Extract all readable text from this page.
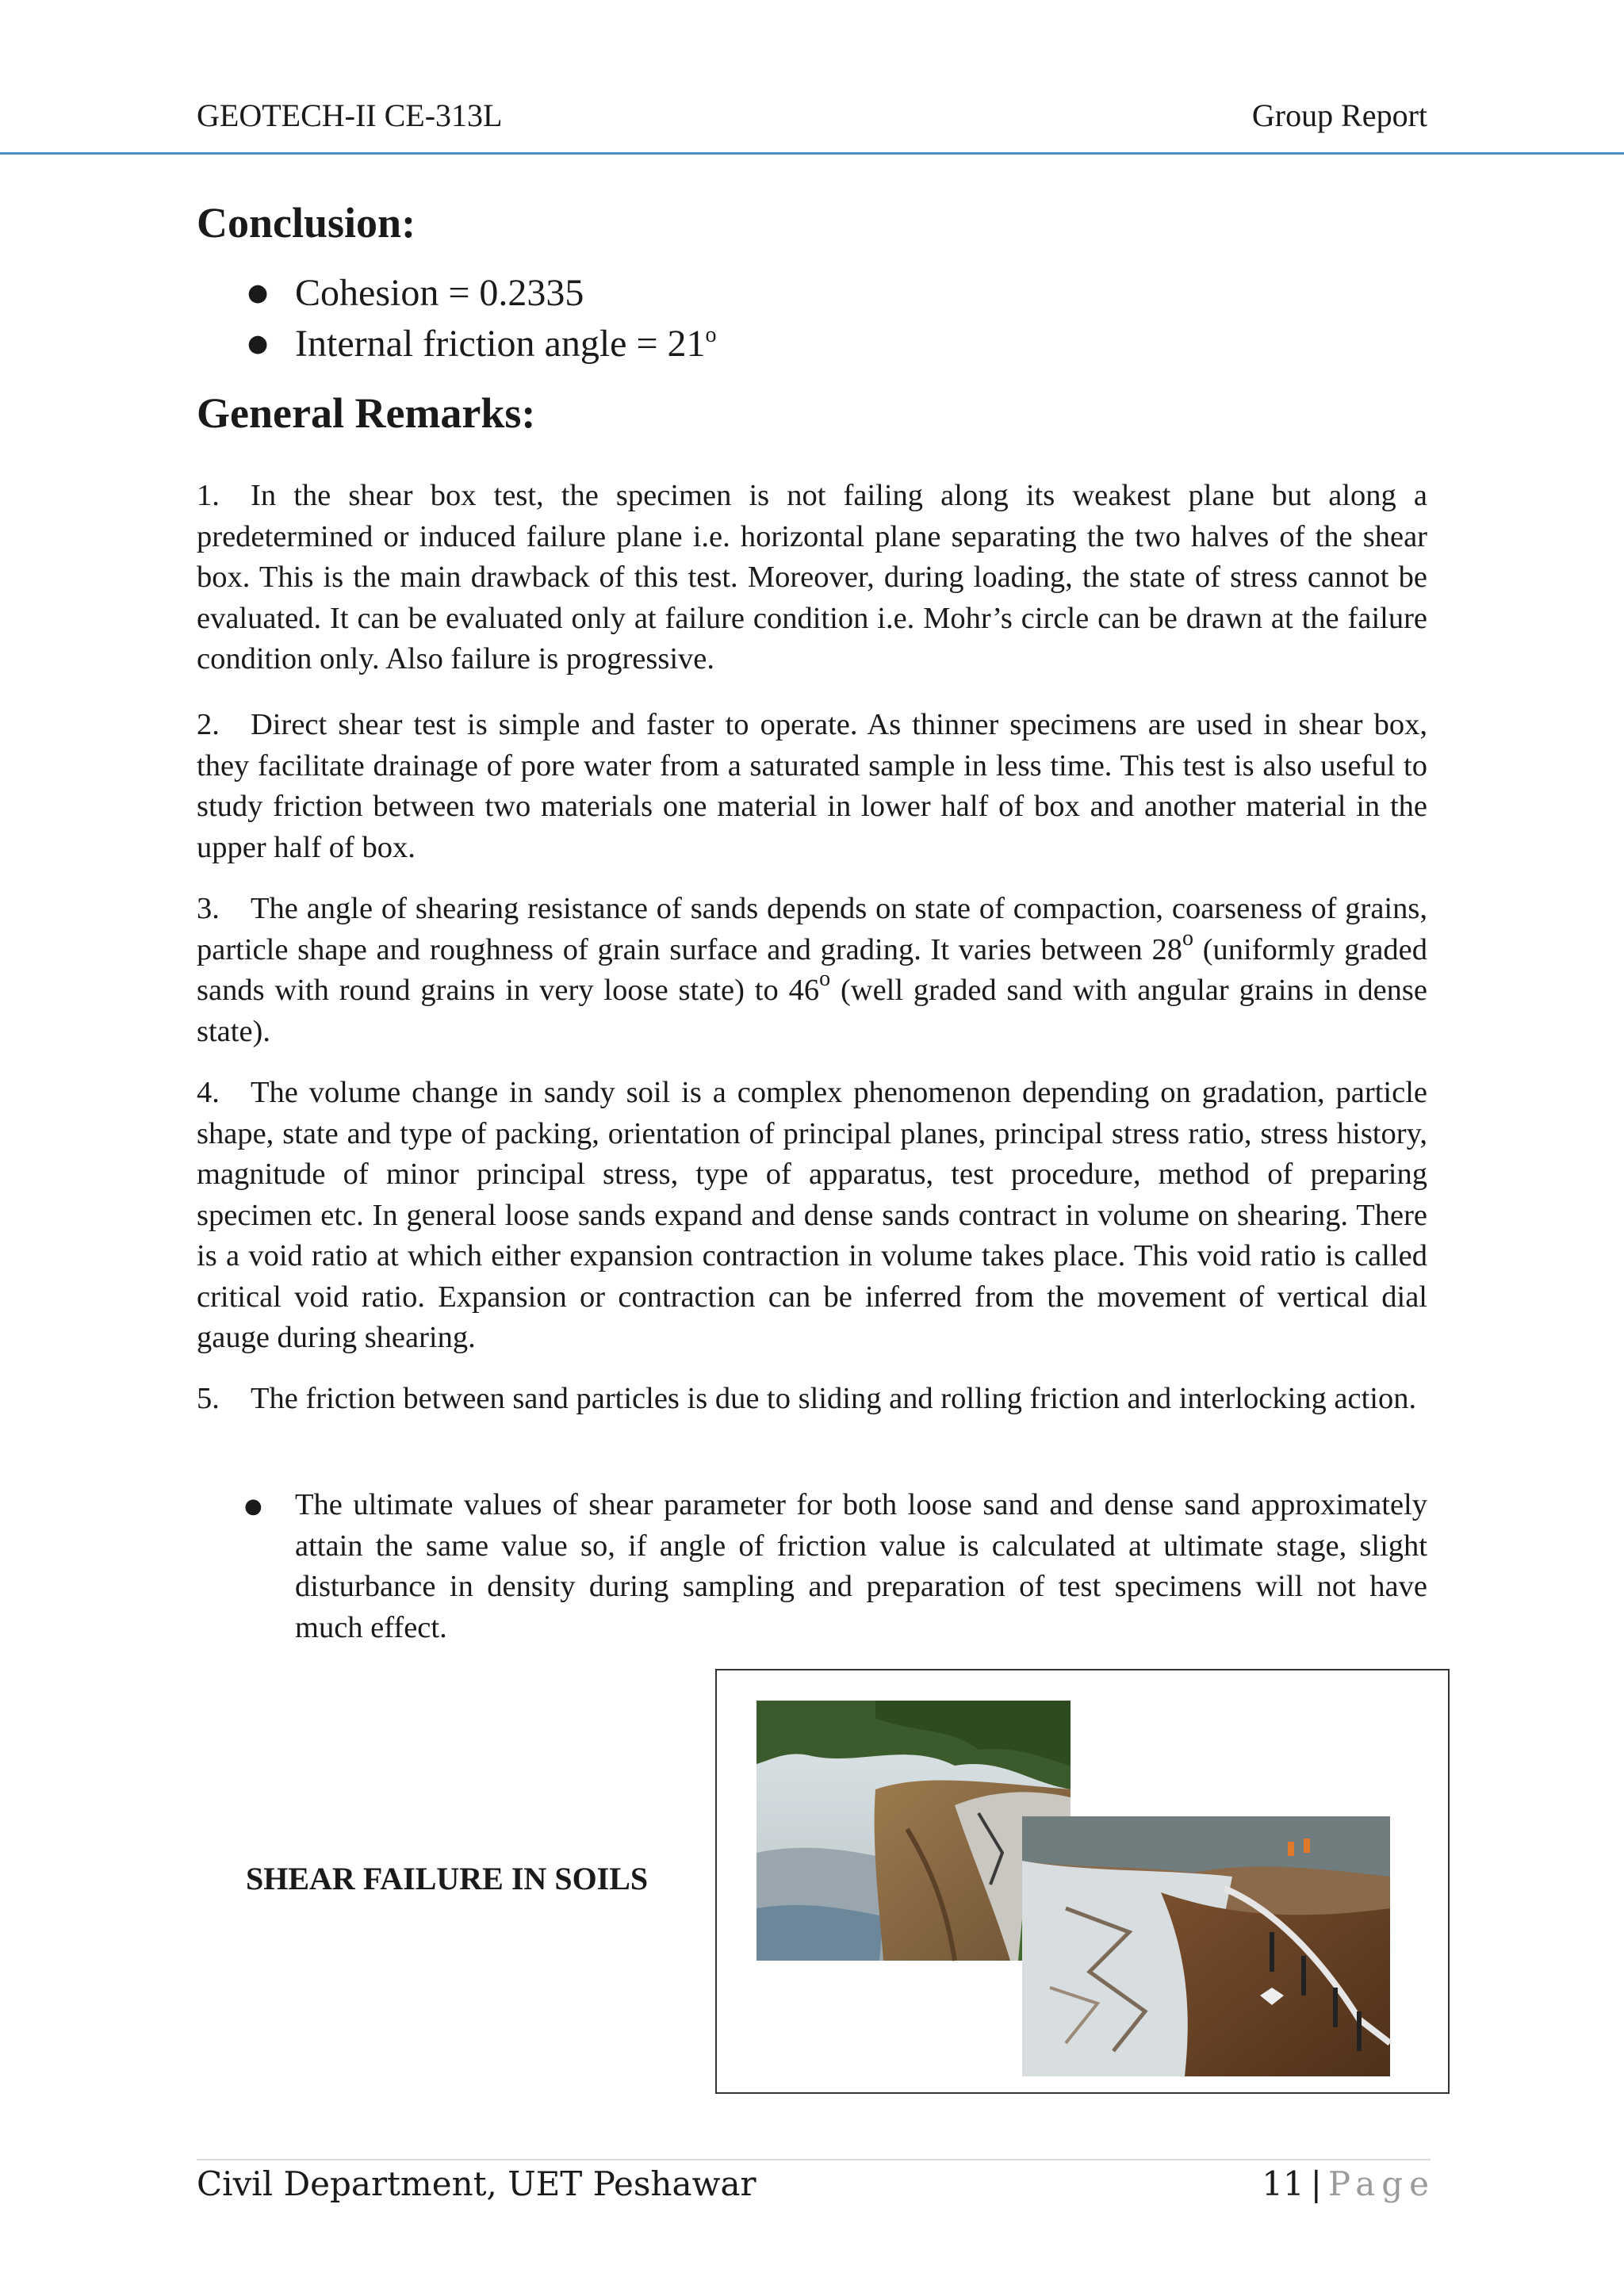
GEOTECH-II CE-313L	Group Report
Conclusion:
● Cohesion = 0.2335
● Internal friction angle = $21^o$
General Remarks:

1. In the shear box test, the specimen is not failing along its weakest plane but along a predetermined or induced failure plane i.e. horizontal plane separating the two halves of the shear box. This is the main drawback of this test. Moreover, during loading, the state of stress cannot be evaluated. It can be evaluated only at failure condition i.e. Mohr’s circle can be drawn at the failure condition only. Also failure is progressive.

2. Direct shear test is simple and faster to operate. As thinner specimens are used in shear box, they facilitate drainage of pore water from a saturated sample in less time. This test is also useful to study friction between two materials one material in lower half of box and another material in the upper half of box.

3. The angle of shearing resistance of sands depends on state of compaction, coarseness of grains, particle shape and roughness of grain surface and grading. It varies between 28$^o$ (uniformly graded sands with round grains in very loose state) to 46$^o$ (well graded sand with angular grains in dense state).

4. The volume change in sandy soil is a complex phenomenon depending on gradation, particle shape, state and type of packing, orientation of principal planes, principal stress ratio, stress history, magnitude of minor principal stress, type of apparatus, test procedure, method of preparing specimen etc. In general loose sands expand and dense sands contract in volume on shearing. There is a void ratio at which either expansion contraction in volume takes place. This void ratio is called critical void ratio. Expansion or contraction can be inferred from the movement of vertical dial gauge during shearing.

5. The friction between sand particles is due to sliding and rolling friction and interlocking action.

● The ultimate values of shear parameter for both loose sand and dense sand approximately attain the same value so, if angle of friction value is calculated at ultimate stage, slight disturbance in density during sampling and preparation of test specimens will not have much effect.

SHEAR FAILURE IN SOILS
Civil Department, UET Peshawar	11 | Page
